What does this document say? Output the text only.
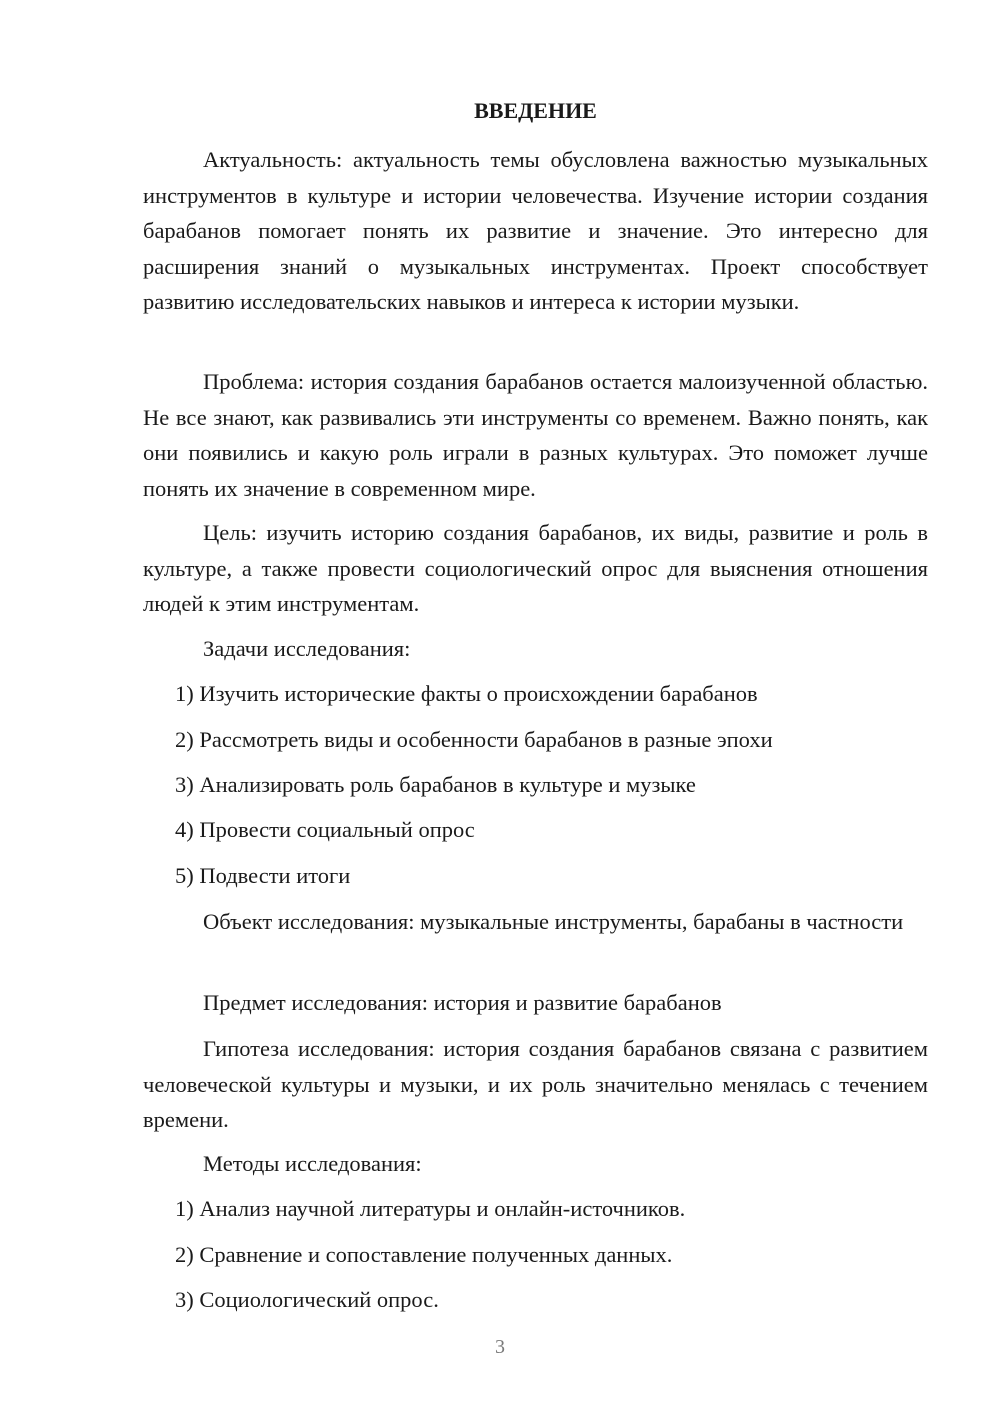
ВВЕДЕНИЕ

Актуальность: актуальность темы обусловлена важностью музыкальных инструментов в культуре и истории человечества. Изучение истории создания барабанов помогает понять их развитие и значение. Это интересно для расширения знаний о музыкальных инструментах. Проект способствует развитию исследовательских навыков и интереса к истории музыки.

Проблема: история создания барабанов остается малоизученной областью. Не все знают, как развивались эти инструменты со временем. Важно понять, как они появились и какую роль играли в разных культурах. Это поможет лучше понять их значение в современном мире.

Цель: изучить историю создания барабанов, их виды, развитие и роль в культуре, а также провести социологический опрос для выяснения отношения людей к этим инструментам.

Задачи исследования:

1) Изучить исторические факты о происхождении барабанов

2) Рассмотреть виды и особенности барабанов в разные эпохи

3) Анализировать роль барабанов в культуре и музыке

4) Провести социальный опрос

5) Подвести итоги

Объект исследования: музыкальные инструменты, барабаны в частности

Предмет исследования: история и развитие барабанов

Гипотеза исследования: история создания барабанов связана с развитием человеческой культуры и музыки, и их роль значительно менялась с течением времени.

Методы исследования:

1) Анализ научной литературы и онлайн-источников.

2) Сравнение и сопоставление полученных данных.

3) Социологический опрос.

3
